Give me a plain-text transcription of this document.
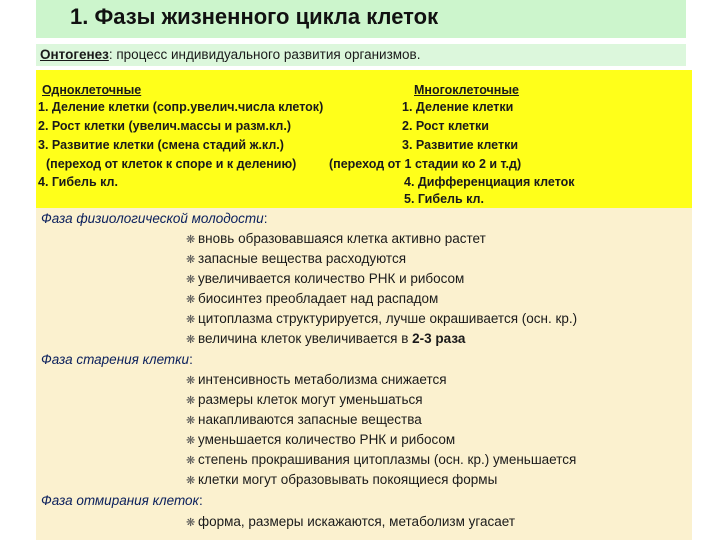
1. Фазы жизненного цикла клеток
Онтогенез: процесс индивидуального развития организмов.
Одноклеточные	Многоклеточные
1. Деление клетки (сопр.увелич.числа клеток)
2. Рост клетки (увелич.массы и разм.кл.)
3. Развитие клетки (смена стадий ж.кл.)
(переход от клеток к споре и к делению)
4. Гибель кл.
1. Деление клетки
2. Рост клетки
3. Развитие клетки
(переход от 1 стадии ко 2 и т.д)
4. Дифференциация клеток
5. Гибель кл.
Фаза физиологической молодости:
❋ вновь образовавшаяся клетка активно растет
❋ запасные вещества расходуются
❋ увеличивается количество РНК и рибосом
❋ биосинтез преобладает над распадом
❋ цитоплазма структурируется, лучше окрашивается (осн. кр.)
❋ величина клеток увеличивается в 2-3 раза
Фаза старения клетки:
❋ интенсивность метаболизма снижается
❋ размеры клеток могут уменьшаться
❋ накапливаются запасные вещества
❋ уменьшается количество РНК и рибосом
❋ степень прокрашивания цитоплазмы (осн. кр.) уменьшается
❋ клетки могут образовывать покоящиеся формы
Фаза отмирания клеток:
❋ форма, размеры искажаются, метаболизм угасает
